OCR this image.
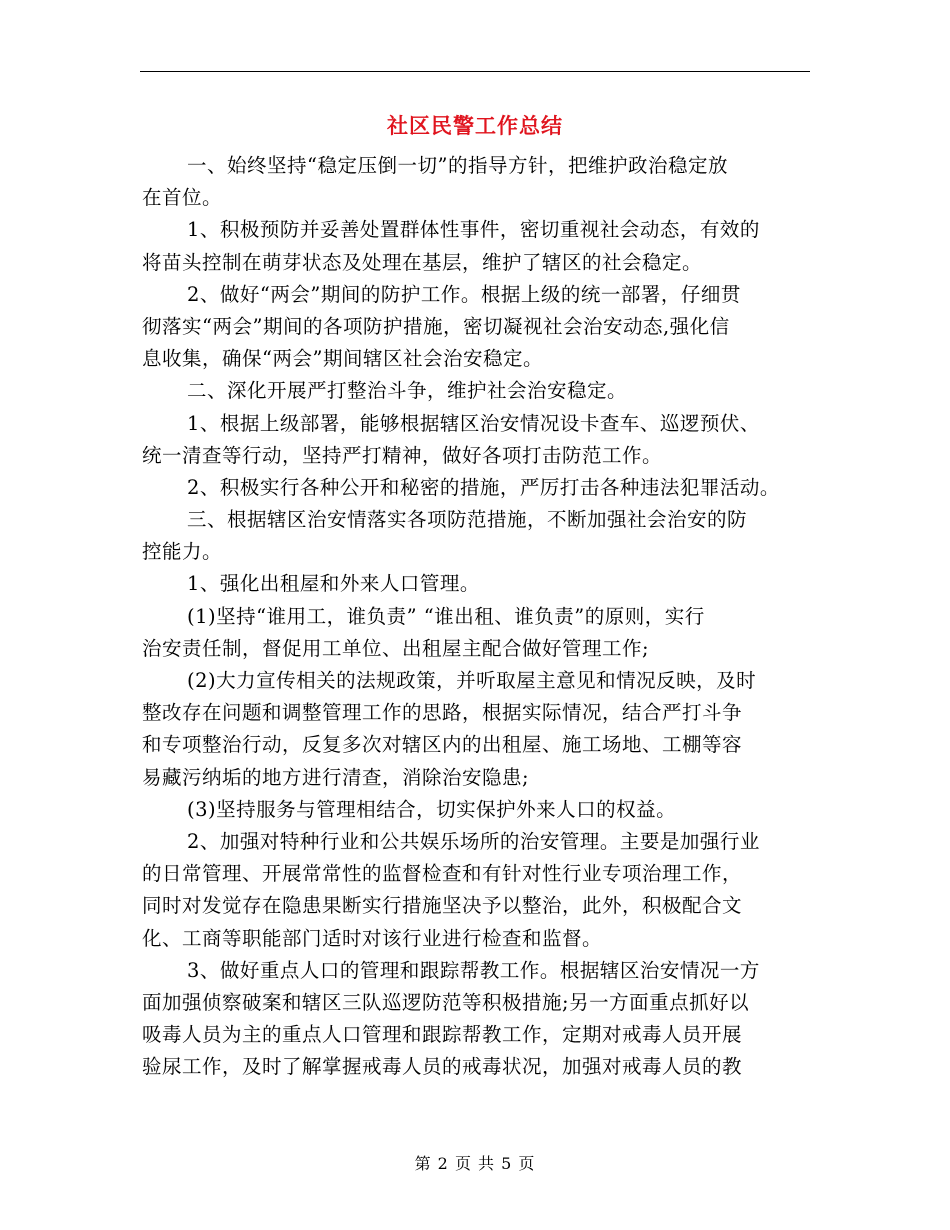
社区民警工作总结
一、始终坚持“稳定压倒一切”的指导方针，把维护政治稳定放
在首位。
1、积极预防并妥善处置群体性事件，密切重视社会动态，有效的
将苗头控制在萌芽状态及处理在基层，维护了辖区的社会稳定。
2、做好“两会”期间的防护工作。根据上级的统一部署，仔细贯
彻落实“两会”期间的各项防护措施，密切凝视社会治安动态,强化信
息收集，确保“两会”期间辖区社会治安稳定。
二、深化开展严打整治斗争，维护社会治安稳定。
1、根据上级部署，能够根据辖区治安情况设卡查车、巡逻预伏、
统一清查等行动，坚持严打精神，做好各项打击防范工作。
2、积极实行各种公开和秘密的措施，严厉打击各种违法犯罪活动。
三、根据辖区治安情落实各项防范措施，不断加强社会治安的防
控能力。
1、强化出租屋和外来人口管理。
(1)坚持“谁用工，谁负责” “谁出租、谁负责”的原则，实行
治安责任制，督促用工单位、出租屋主配合做好管理工作;
(2)大力宣传相关的法规政策，并听取屋主意见和情况反映，及时
整改存在问题和调整管理工作的思路，根据实际情况，结合严打斗争
和专项整治行动，反复多次对辖区内的出租屋、施工场地、工棚等容
易藏污纳垢的地方进行清查，消除治安隐患;
(3)坚持服务与管理相结合，切实保护外来人口的权益。
2、加强对特种行业和公共娱乐场所的治安管理。主要是加强行业
的日常管理、开展常常性的监督检查和有针对性行业专项治理工作，
同时对发觉存在隐患果断实行措施坚决予以整治，此外，积极配合文
化、工商等职能部门适时对该行业进行检查和监督。
3、做好重点人口的管理和跟踪帮教工作。根据辖区治安情况一方
面加强侦察破案和辖区三队巡逻防范等积极措施;另一方面重点抓好以
吸毒人员为主的重点人口管理和跟踪帮教工作，定期对戒毒人员开展
验尿工作，及时了解掌握戒毒人员的戒毒状况，加强对戒毒人员的教
第 2 页 共 5 页
